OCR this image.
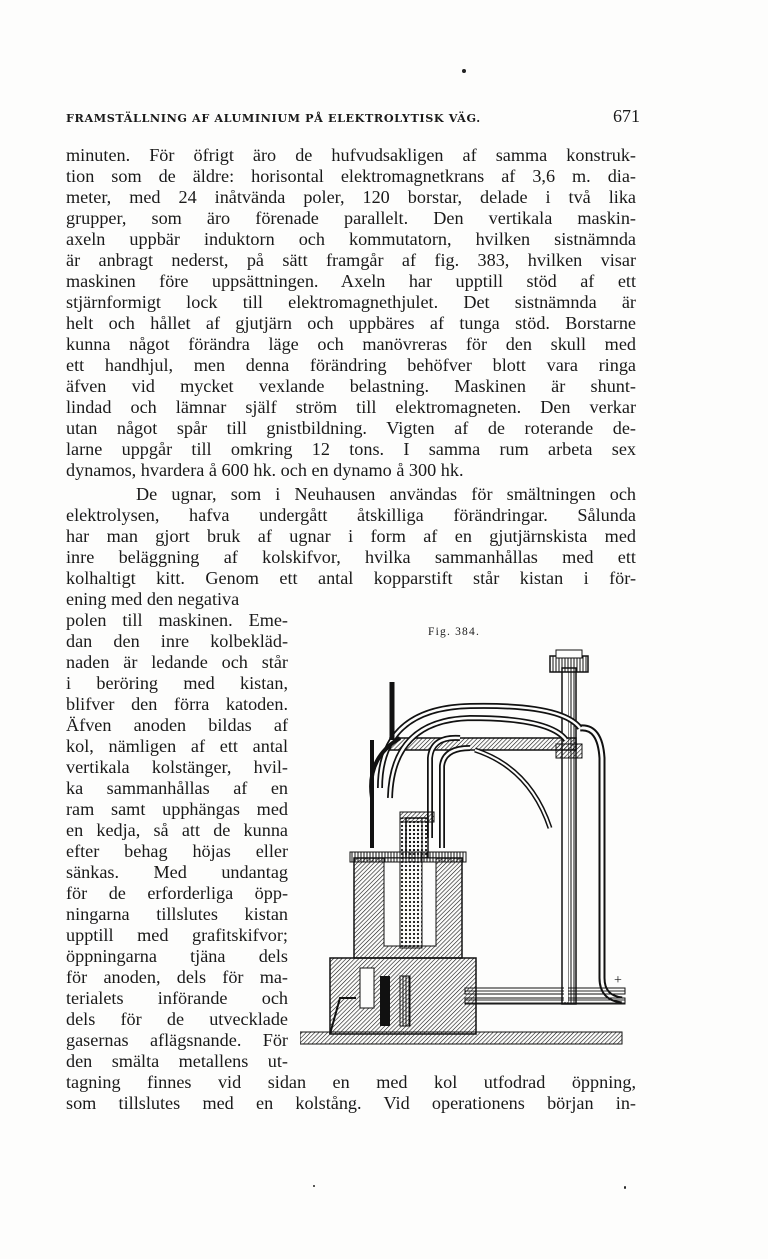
FRAMSTÄLLNING AF ALUMINIUM PÅ ELEKTROLYTISK VÄG.	671
minuten. För öfrigt äro de hufvudsakligen af samma konstruk-
tion som de äldre: horisontal elektromagnetkrans af 3,6 m. dia-
meter, med 24 inåtvända poler, 120 borstar, delade i två lika
grupper, som äro förenade parallelt. Den vertikala maskin-
axeln uppbär induktorn och kommutatorn, hvilken sistnämnda
är anbragt nederst, på sätt framgår af fig. 383, hvilken visar
maskinen före uppsättningen. Axeln har upptill stöd af ett
stjärnformigt lock till elektromagnethjulet. Det sistnämnda är
helt och hållet af gjutjärn och uppbäres af tunga stöd. Borstarne
kunna något förändra läge och manövreras för den skull med
ett handhjul, men denna förändring behöfver blott vara ringa
äfven vid mycket vexlande belastning. Maskinen är shunt-
lindad och lämnar själf ström till elektromagneten. Den verkar
utan något spår till gnistbildning. Vigten af de roterande de-
larne uppgår till omkring 12 tons. I samma rum arbeta sex
dynamos, hvardera å 600 hk. och en dynamo å 300 hk.
De ugnar, som i Neuhausen användas för smältningen och
elektrolysen, hafva undergått åtskilliga förändringar. Sålunda
har man gjort bruk af ugnar i form af en gjutjärnskista med
inre beläggning af kolskifvor, hvilka sammanhållas med ett
kolhaltigt kitt. Genom ett antal kopparstift står kistan i för-
ening med den negativa
polen till maskinen. Eme-
dan den inre kolbekläd-
naden är ledande och står
i beröring med kistan,
blifver den förra katoden.
Äfven anoden bildas af
kol, nämligen af ett antal
vertikala kolstänger, hvil-
ka sammanhållas af en
ram samt upphängas med
en kedja, så att de kunna
efter behag höjas eller
sänkas. Med undantag
för de erforderliga öpp-
ningarna tillslutes kistan
upptill med grafitskifvor;
öppningarna tjäna dels
för anoden, dels för ma-
terialets införande och
dels för de utvecklade
gasernas aflägsnande. För
den smälta metallens ut-
tagning finnes vid sidan en med kol utfodrad öppning,
som tillslutes med en kolstång. Vid operationens början in-
Fig. 384.
+
